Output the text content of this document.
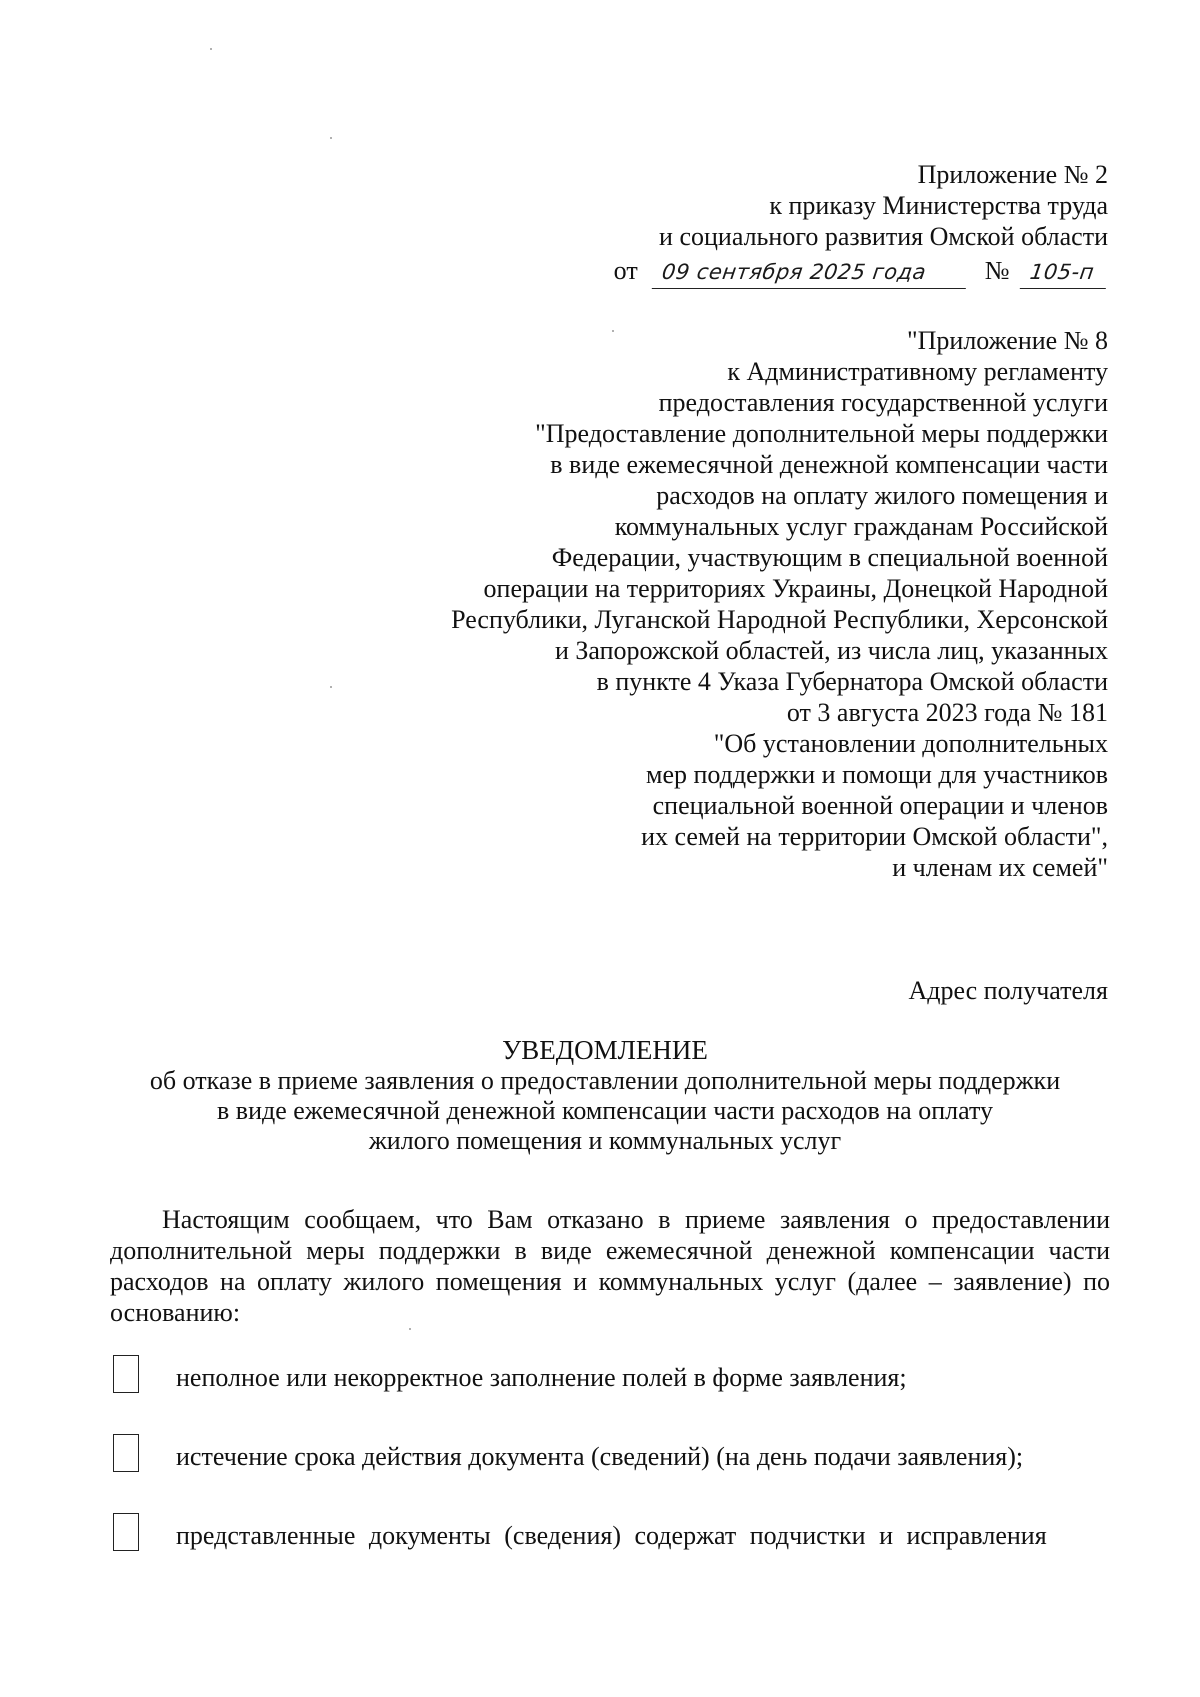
Приложение № 2
к приказу Министерства труда
и социального развития Омской области
от 09 сентября 2025 года № 105-п
"Приложение № 8
к Административному регламенту
предоставления государственной услуги
"Предоставление дополнительной меры поддержки
в виде ежемесячной денежной компенсации части
расходов на оплату жилого помещения и
коммунальных услуг гражданам Российской
Федерации, участвующим в специальной военной
операции на территориях Украины, Донецкой Народной
Республики, Луганской Народной Республики, Херсонской
и Запорожской областей, из числа лиц, указанных
в пункте 4 Указа Губернатора Омской области
от 3 августа 2023 года № 181
"Об установлении дополнительных
мер поддержки и помощи для участников
специальной военной операции и членов
их семей на территории Омской области",
и членам их семей"
Адрес получателя
УВЕДОМЛЕНИЕ
об отказе в приеме заявления о предоставлении дополнительной меры поддержки
в виде ежемесячной денежной компенсации части расходов на оплату
жилого помещения и коммунальных услуг
Настоящим сообщаем, что Вам отказано в приеме заявления о предоставлении дополнительной меры поддержки в виде ежемесячной денежной компенсации части расходов на оплату жилого помещения и коммунальных услуг (далее – заявление) по основанию:
неполное или некорректное заполнение полей в форме заявления;
истечение срока действия документа (сведений) (на день подачи заявления);
представленные документы (сведения) содержат подчистки и исправления
